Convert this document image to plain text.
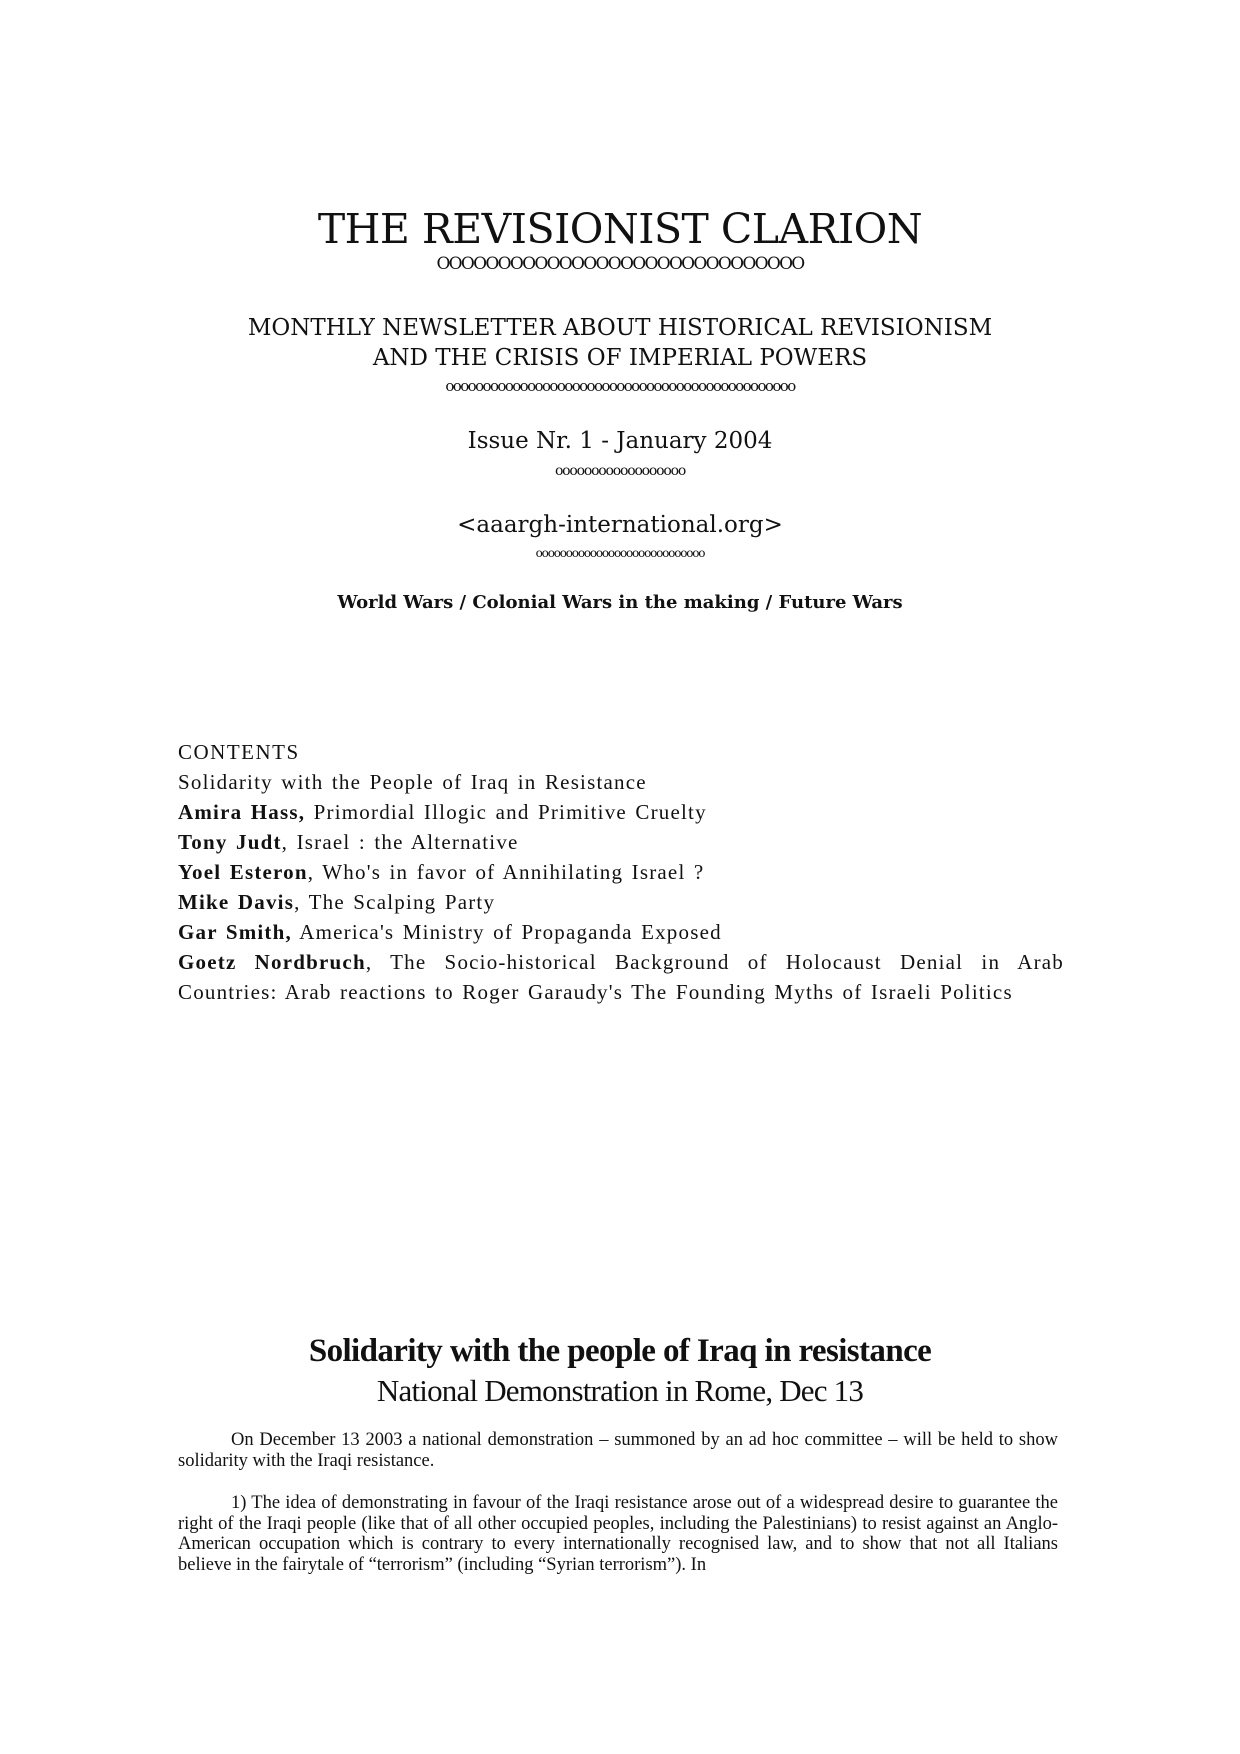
THE REVISIONIST CLARION
OOOOOOOOOOOOOOOOOOOOOOOOOOOOOO
MONTHLY NEWSLETTER ABOUT HISTORICAL REVISIONISM
AND THE CRISIS OF IMPERIAL POWERS
ooooooooooooooooooooooooooooooooooooooooooooooo
Issue Nr. 1 - January 2004
oooooooooooooooooo
<aaargh-international.org>
oooooooooooooooooooooooooooo
World Wars / Colonial Wars in the making / Future Wars
CONTENTS
Solidarity with the People of Iraq in Resistance
Amira Hass, Primordial Illogic and Primitive Cruelty
Tony Judt, Israel : the Alternative
Yoel Esteron, Who's in favor of Annihilating Israel ?
Mike Davis, The Scalping Party
Gar Smith, America's Ministry of Propaganda Exposed
Goetz Nordbruch, The Socio-historical Background of Holocaust Denial in Arab Countries: Arab reactions to Roger Garaudy's The Founding Myths of Israeli Politics
Solidarity with the people of Iraq in resistance
National Demonstration in Rome, Dec 13

On December 13 2003 a national demonstration – summoned by an ad hoc committee – will be held to show solidarity with the Iraqi resistance.

1) The idea of demonstrating in favour of the Iraqi resistance arose out of a widespread desire to guarantee the right of the Iraqi people (like that of all other occupied peoples, including the Palestinians) to resist against an Anglo-American occupation which is contrary to every internationally recognised law, and to show that not all Italians believe in the fairytale of “terrorism” (including “Syrian terrorism”). In
